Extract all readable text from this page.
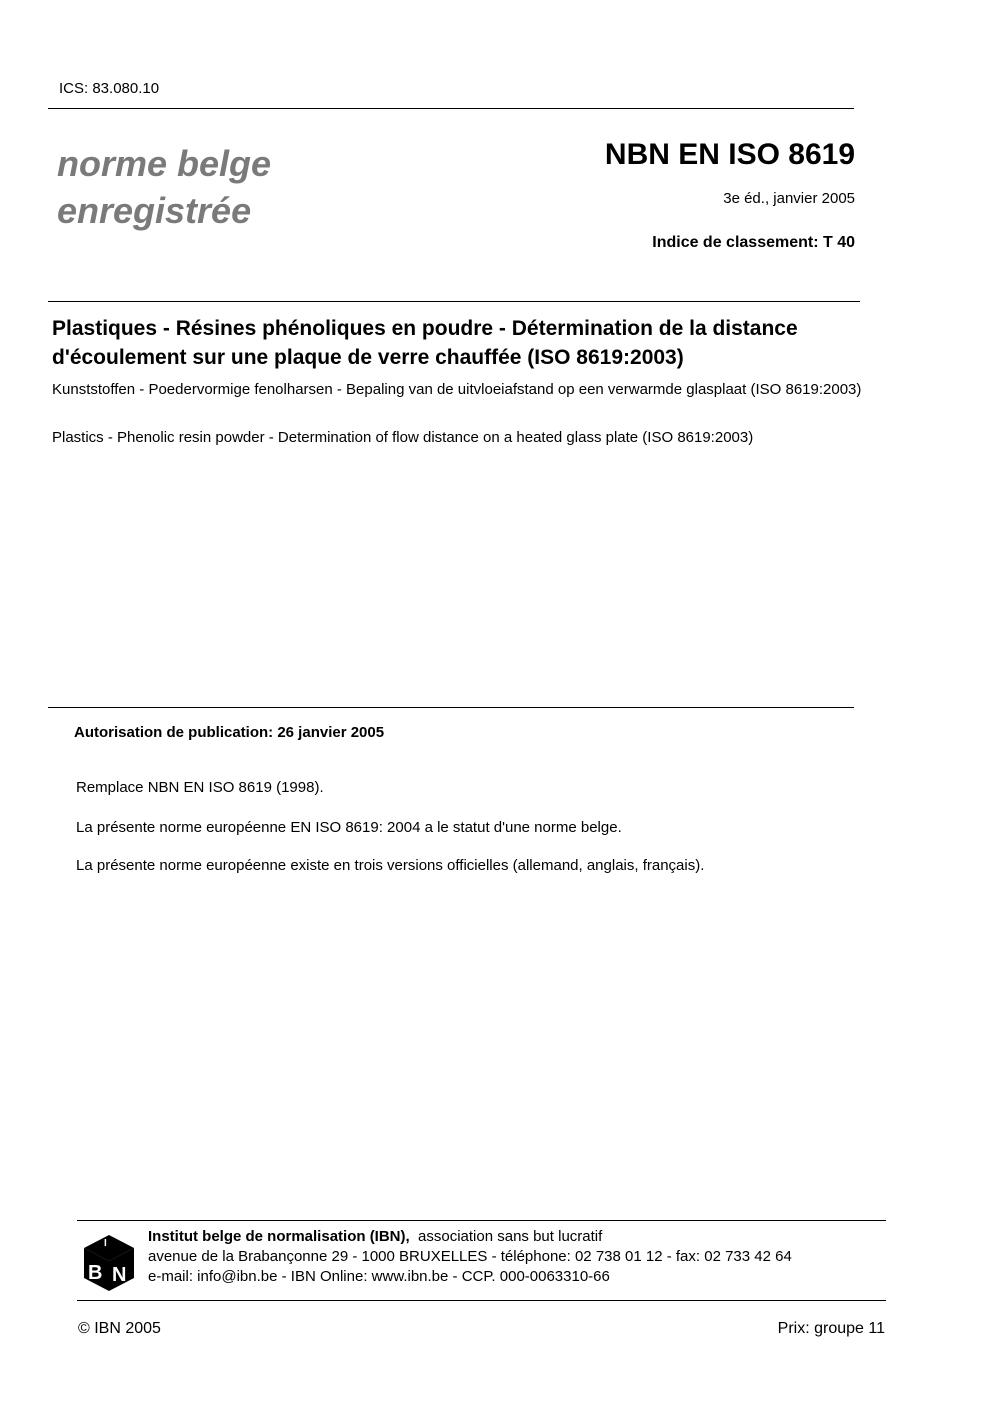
ICS: 83.080.10
norme belge
enregistrée
NBN EN ISO 8619
3e éd., janvier 2005
Indice de classement: T 40
Plastiques - Résines phénoliques en poudre - Détermination de la distance d'écoulement sur une plaque de verre chauffée (ISO 8619:2003)
Kunststoffen - Poedervormige fenolharsen - Bepaling van de uitvloeiafstand op een verwarmde glasplaat (ISO 8619:2003)
Plastics - Phenolic resin powder - Determination of flow distance on a heated glass plate (ISO 8619:2003)
Autorisation de publication: 26 janvier 2005
Remplace NBN EN ISO 8619 (1998).
La présente norme européenne EN ISO 8619: 2004 a le statut d'une norme belge.
La présente norme européenne existe en trois versions officielles (allemand, anglais, français).
I
B N
Institut belge de normalisation (IBN), association sans but lucratif
avenue de la Brabançonne 29 - 1000 BRUXELLES - téléphone: 02 738 01 12 - fax: 02 733 42 64
e-mail: info@ibn.be - IBN Online: www.ibn.be - CCP. 000-0063310-66
© IBN 2005	Prix: groupe 11
